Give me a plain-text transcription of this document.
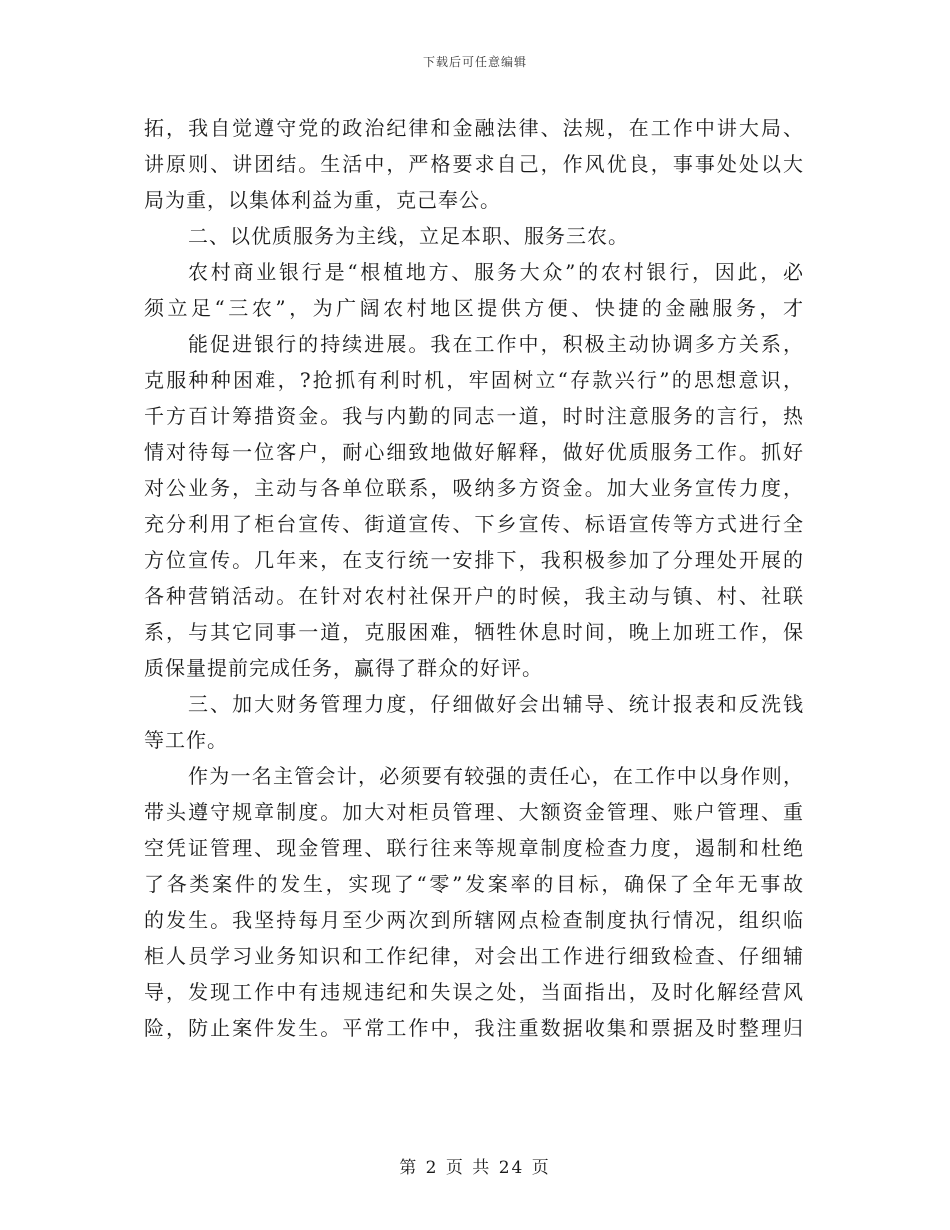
下载后可任意编辑
拓，我自觉遵守党的政治纪律和金融法律、法规，在工作中讲大局、
讲原则、讲团结。生活中，严格要求自己，作风优良，事事处处以大
局为重，以集体利益为重，克己奉公。
二、以优质服务为主线，立足本职、服务三农。
农村商业银行是“根植地方、服务大众”的农村银行，因此，必
须立足“三农”，为广阔农村地区提供方便、快捷的金融服务，才
能促进银行的持续进展。我在工作中，积极主动协调多方关系，
克服种种困难，?抢抓有利时机，牢固树立“存款兴行”的思想意识，
千方百计筹措资金。我与内勤的同志一道，时时注意服务的言行，热
情对待每一位客户，耐心细致地做好解释，做好优质服务工作。抓好
对公业务，主动与各单位联系，吸纳多方资金。加大业务宣传力度，
充分利用了柜台宣传、街道宣传、下乡宣传、标语宣传等方式进行全
方位宣传。几年来，在支行统一安排下，我积极参加了分理处开展的
各种营销活动。在针对农村社保开户的时候，我主动与镇、村、社联
系，与其它同事一道，克服困难，牺牲休息时间，晚上加班工作，保
质保量提前完成任务，赢得了群众的好评。
三、加大财务管理力度，仔细做好会出辅导、统计报表和反洗钱
等工作。
作为一名主管会计，必须要有较强的责任心，在工作中以身作则，
带头遵守规章制度。加大对柜员管理、大额资金管理、账户管理、重
空凭证管理、现金管理、联行往来等规章制度检查力度，遏制和杜绝
了各类案件的发生，实现了“零”发案率的目标，确保了全年无事故
的发生。我坚持每月至少两次到所辖网点检查制度执行情况，组织临
柜人员学习业务知识和工作纪律，对会出工作进行细致检查、仔细辅
导，发现工作中有违规违纪和失误之处，当面指出，及时化解经营风
险，防止案件发生。平常工作中，我注重数据收集和票据及时整理归
第 2 页 共 24 页
